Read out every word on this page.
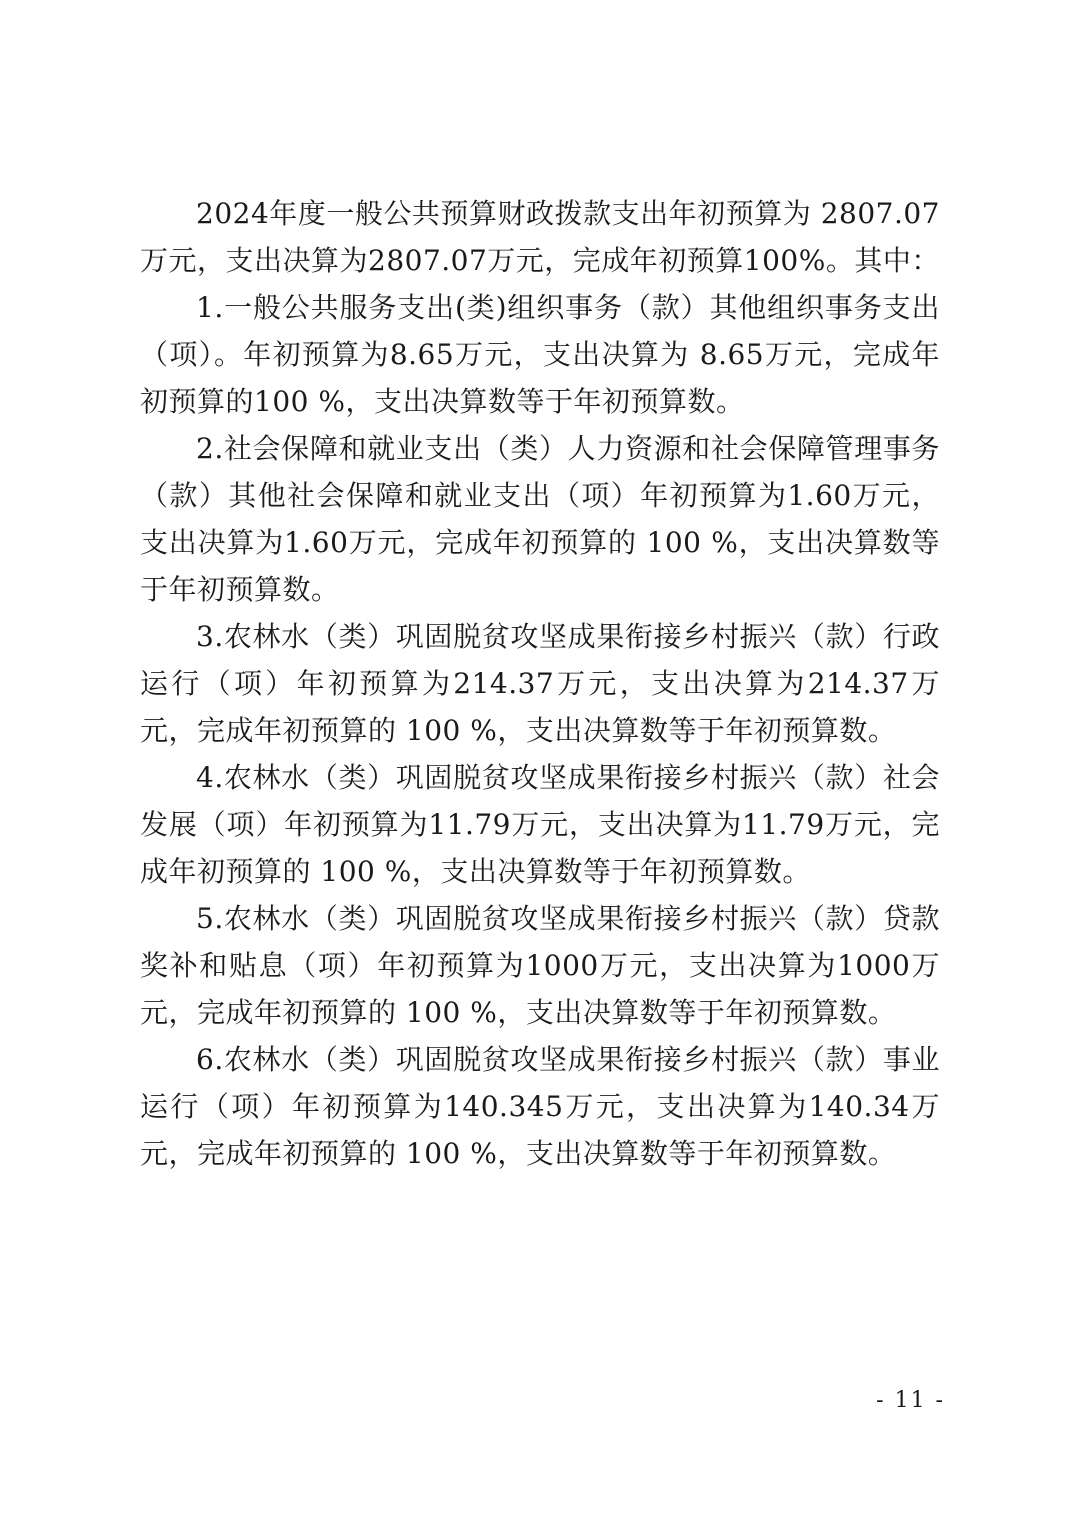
2024年度一般公共预算财政拨款支出年初预算为 2807.07万元，支出决算为2807.07万元，完成年初预算100%。其中：

1.一般公共服务支出(类)组织事务（款）其他组织事务支出（项）。年初预算为8.65万元，支出决算为 8.65万元，完成年初预算的100 %，支出决算数等于年初预算数。

2.社会保障和就业支出（类）人力资源和社会保障管理事务（款）其他社会保障和就业支出（项）年初预算为1.60万元，支出决算为1.60万元，完成年初预算的 100 %，支出决算数等于年初预算数。

3.农林水（类）巩固脱贫攻坚成果衔接乡村振兴（款）行政运行（项）年初预算为214.37万元，支出决算为214.37万元，完成年初预算的 100 %，支出决算数等于年初预算数。

4.农林水（类）巩固脱贫攻坚成果衔接乡村振兴（款）社会发展（项）年初预算为11.79万元，支出决算为11.79万元，完成年初预算的 100 %，支出决算数等于年初预算数。

5.农林水（类）巩固脱贫攻坚成果衔接乡村振兴（款）贷款奖补和贴息（项）年初预算为1000万元，支出决算为1000万元，完成年初预算的 100 %，支出决算数等于年初预算数。

6.农林水（类）巩固脱贫攻坚成果衔接乡村振兴（款）事业运行（项）年初预算为140.345万元，支出决算为140.34万元，完成年初预算的 100 %，支出决算数等于年初预算数。

- 11 -
